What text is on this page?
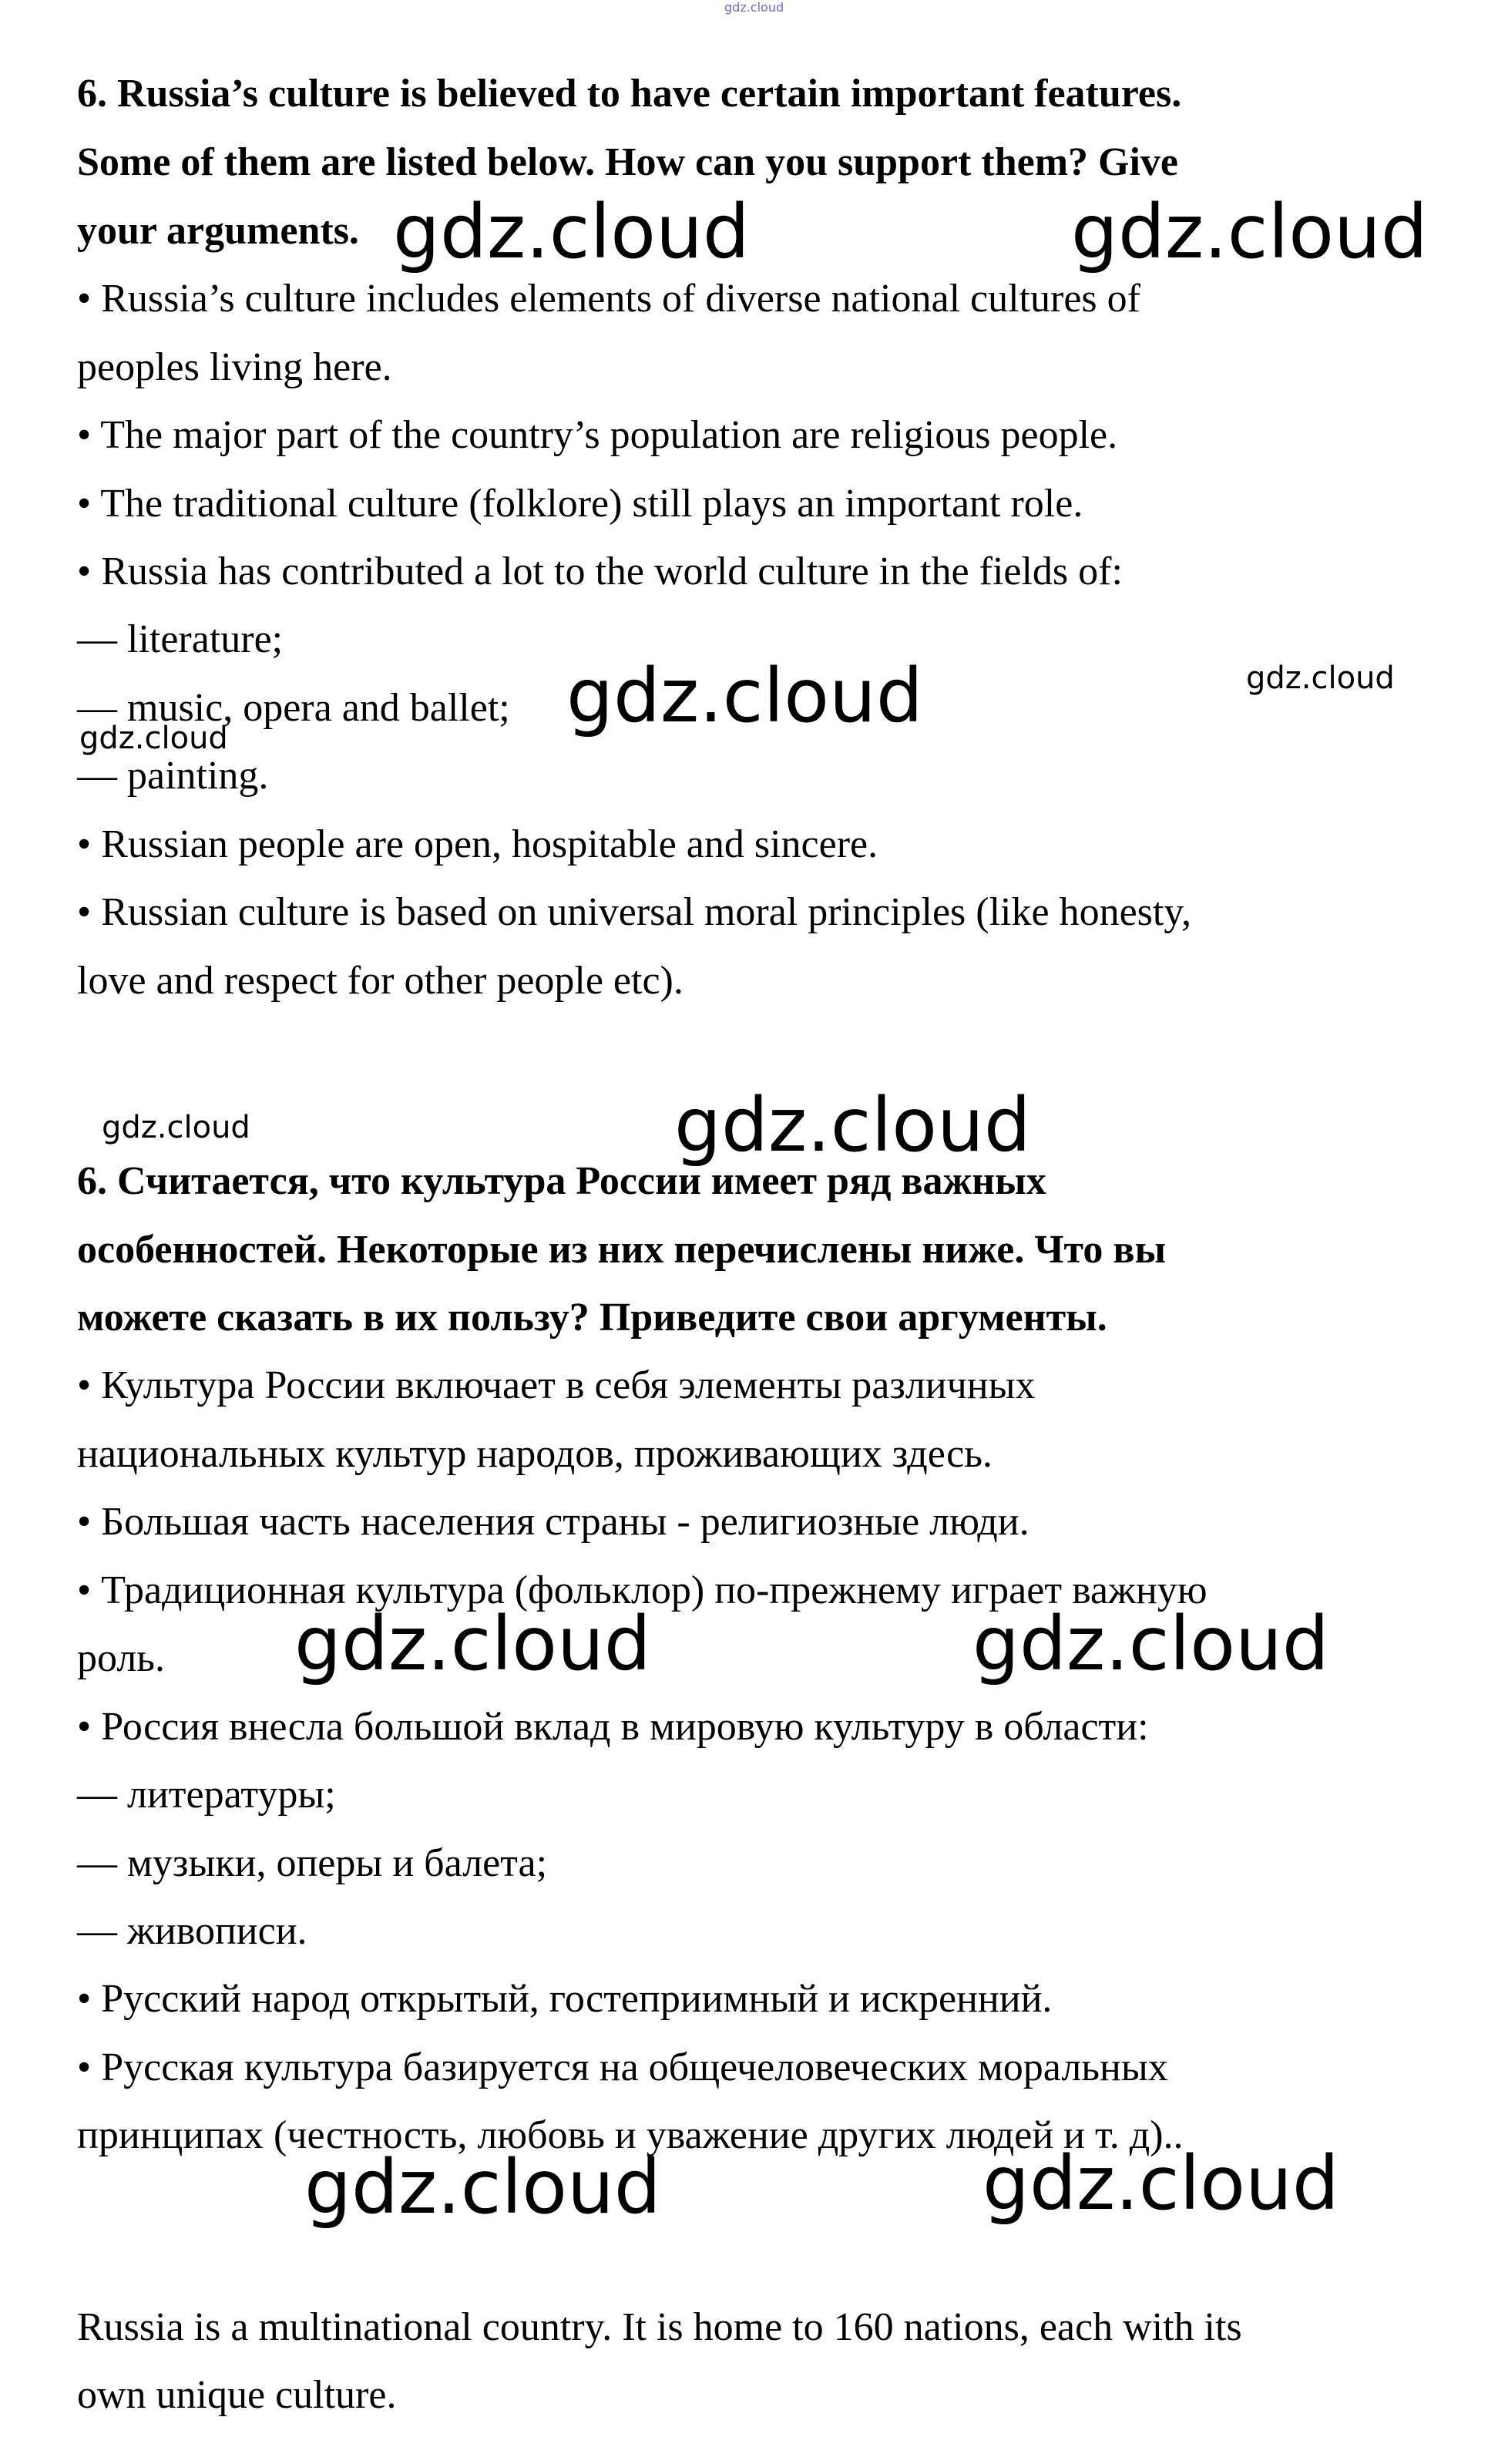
gdz.cloud
6. Russia’s culture is believed to have certain important features.
Some of them are listed below. How can you support them? Give
your arguments.
• Russia’s culture includes elements of diverse national cultures of
peoples living here.
• The major part of the country’s population are religious people.
• The traditional culture (folklore) still plays an important role.
• Russia has contributed a lot to the world culture in the fields of:
— literature;
— music, opera and ballet;
— painting.
• Russian people are open, hospitable and sincere.
• Russian culture is based on universal moral principles (like honesty,
love and respect for other people etc).
6. Считается, что культура России имеет ряд важных
особенностей. Некоторые из них перечислены ниже. Что вы
можете сказать в их пользу? Приведите свои аргументы.
• Культура России включает в себя элементы различных
национальных культур народов, проживающих здесь.
• Большая часть населения страны - религиозные люди.
• Традиционная культура (фольклор) по-прежнему играет важную
роль.
• Россия внесла большой вклад в мировую культуру в области:
— литературы;
— музыки, оперы и балета;
— живописи.
• Русский народ открытый, гостеприимный и искренний.
• Русская культура базируется на общечеловеческих моральных
принципах (честность, любовь и уважение других людей и т. д)..
Russia is a multinational country. It is home to 160 nations, each with its
own unique culture.
gdz.cloud	gdz.cloud
gdz.cloud	gdz.cloud
gdz.cloud
gdz.cloud	gdz.cloud
gdz.cloud	gdz.cloud
gdz.cloud	gdz.cloud
